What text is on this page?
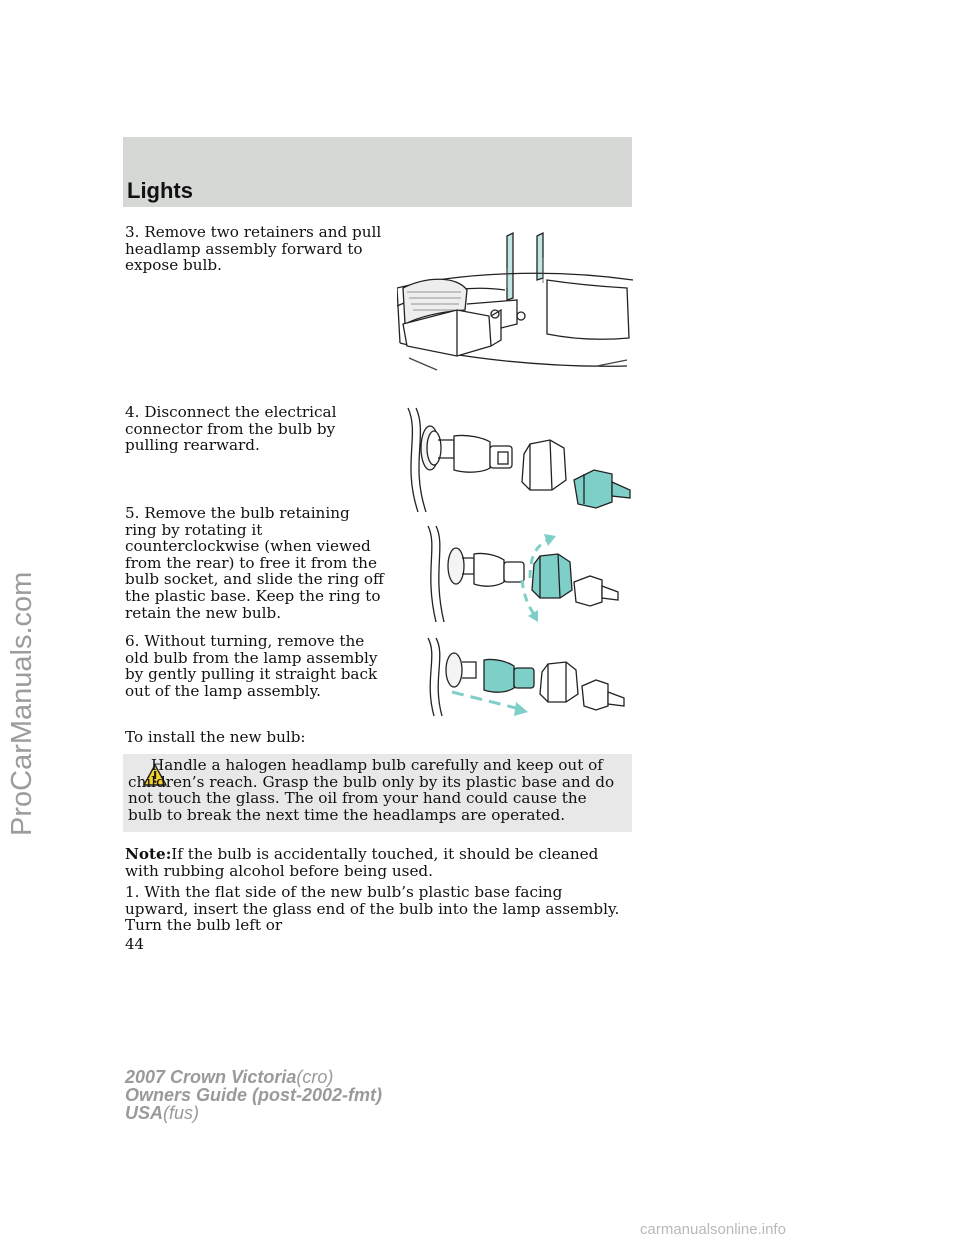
Lights
ProCarManuals.com

3. Remove two retainers and pull headlamp assembly forward to expose bulb.

4. Disconnect the electrical connector from the bulb by pulling rearward.

5. Remove the bulb retaining ring by rotating it counterclockwise (when viewed from the rear) to free it from the bulb socket, and slide the ring off the plastic base. Keep the ring to retain the new bulb.

6. Without turning, remove the old bulb from the lamp assembly by gently pulling it straight back out of the lamp assembly.

To install the new bulb:

Handle a halogen headlamp bulb carefully and keep out of children’s reach. Grasp the bulb only by its plastic base and do not touch the glass. The oil from your hand could cause the bulb to break the next time the headlamps are operated.

Note:If the bulb is accidentally touched, it should be cleaned with rubbing alcohol before being used.

1. With the flat side of the new bulb’s plastic base facing upward, insert the glass end of the bulb into the lamp assembly. Turn the bulb left or

44
2007 Crown Victoria(cro)
Owners Guide (post-2002-fmt)
USA(fus)
carmanualsonline.info
